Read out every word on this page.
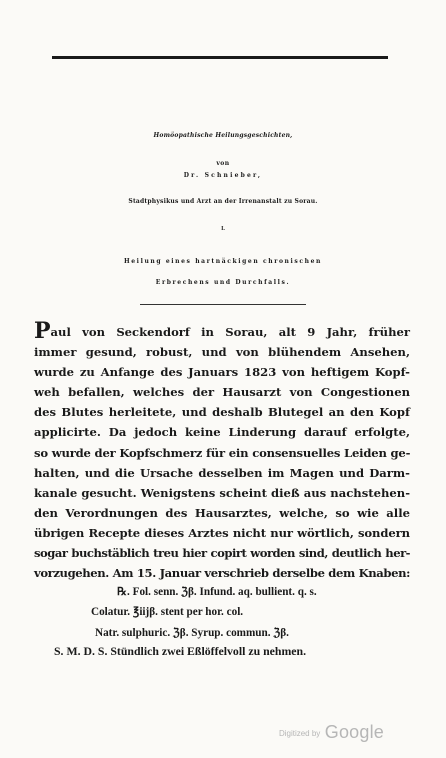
Homöopathische Heilungsgeschichten,
von
Dr. Schnieber,
Stadtphysikus und Arzt an der Irrenanstalt zu Sorau.
I.
Heilung eines hartnäckigen chronischen
Erbrechens und Durchfalls.
Paul von Seckendorf in Sorau, alt 9 Jahr, früher
immer gesund, robust, und von blühendem Ansehen,
wurde zu Anfange des Januars 1823 von heftigem Kopf-
weh befallen, welches der Hausarzt von Congestionen
des Blutes herleitete, und deshalb Blutegel an den Kopf
applicirte. Da jedoch keine Linderung darauf erfolgte,
so wurde der Kopfschmerz für ein consensuelles Leiden ge-
halten, und die Ursache desselben im Magen und Darm-
kanale gesucht. Wenigstens scheint dieß aus nachstehen-
den Verordnungen des Hausarztes, welche, so wie alle
übrigen Recepte dieses Arztes nicht nur wörtlich, sondern
sogar buchstäblich treu hier copirt worden sind, deutlich her-
vorzugehen. Am 15. Januar verschrieb derselbe dem Knaben:
℞. Fol. senn. ℨβ. Infund. aq. bullient. q. s.
Colatur. ℥iijβ. stent per hor. col.
Natr. sulphuric. ℨβ. Syrup. commun. ℨβ.
S. M. D. S. Stündlich zwei Eßlöffelvoll zu nehmen.
Digitized by Google
